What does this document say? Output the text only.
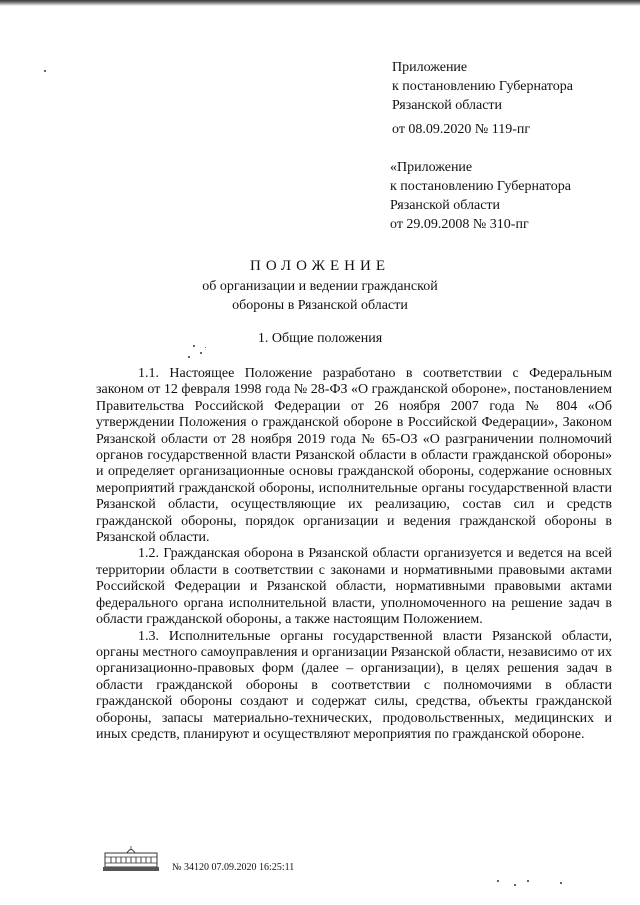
Приложение
к постановлению Губернатора
Рязанской области
от 08.09.2020 № 119-пг
«Приложение
к постановлению Губернатора
Рязанской области
от 29.09.2008 № 310-пг
ПОЛОЖЕНИЕ
об организации и ведении гражданской
обороны в Рязанской области
1. Общие положения

1.1. Настоящее Положение разработано в соответствии с Федеральным законом от 12 февраля 1998 года № 28-ФЗ «О гражданской обороне», постановлением Правительства Российской Федерации от 26 ноября 2007 года № 804 «Об утверждении Положения о гражданской обороне в Российской Федерации», Законом Рязанской области от 28 ноября 2019 года № 65-ОЗ «О разграничении полномочий органов государственной власти Рязанской области в области гражданской обороны» и определяет организационные основы гражданской обороны, содержание основных мероприятий гражданской обороны, исполнительные органы государственной власти Рязанской области, осуществляющие их реализацию, состав сил и средств гражданской обороны, порядок организации и ведения гражданской обороны в Рязанской области.

1.2. Гражданская оборона в Рязанской области организуется и ведется на всей территории области в соответствии с законами и нормативными правовыми актами Российской Федерации и Рязанской области, нормативными правовыми актами федерального органа исполнительной власти, уполномоченного на решение задач в области гражданской обороны, а также настоящим Положением.

1.3. Исполнительные органы государственной власти Рязанской области, органы местного самоуправления и организации Рязанской области, независимо от их организационно-правовых форм (далее – организации), в целях решения задач в области гражданской обороны в соответствии с полномочиями в области гражданской обороны создают и содержат силы, средства, объекты гражданской обороны, запасы материально-технических, продовольственных, медицинских и иных средств, планируют и осуществляют мероприятия по гражданской обороне.

№ 34120 07.09.2020 16:25:11
